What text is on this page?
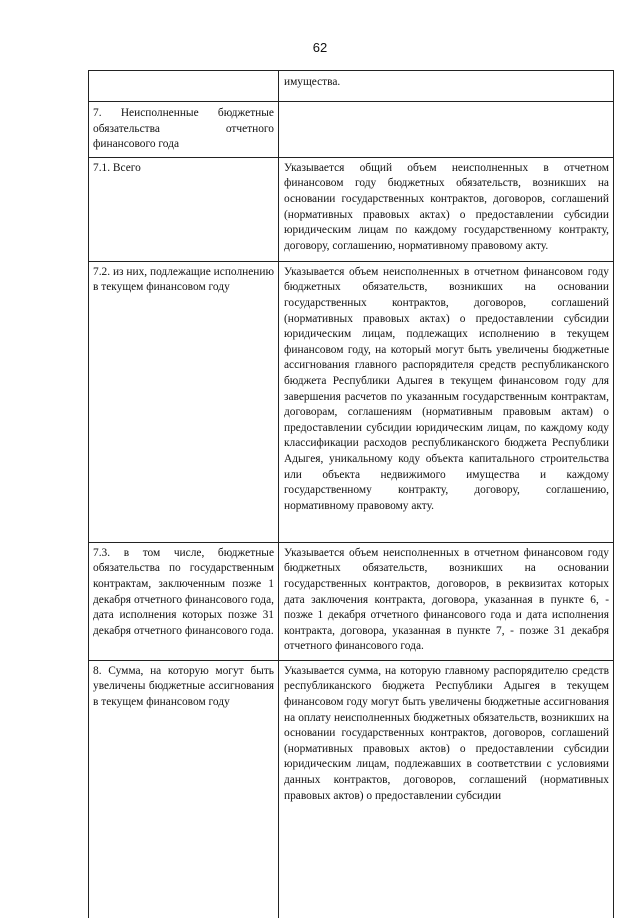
62
	имущества.
7. Неисполненные бюджетные обязательства отчетного финансового года	
7.1. Всего	Указывается общий объем неисполненных в отчетном финансовом году бюджетных обязательств, возникших на основании государственных контрактов, договоров, соглашений (нормативных правовых актах) о предоставлении субсидии юридическим лицам по каждому государственному контракту, договору, соглашению, нормативному правовому акту.
7.2. из них, подлежащие исполнению в текущем финансовом году	Указывается объем неисполненных в отчетном финансовом году бюджетных обязательств, возникших на основании государственных контрактов, договоров, соглашений (нормативных правовых актах) о предоставлении субсидии юридическим лицам, подлежащих исполнению в текущем финансовом году, на который могут быть увеличены бюджетные ассигнования главного распорядителя средств республиканского бюджета Республики Адыгея в текущем финансовом году для завершения расчетов по указанным государственным контрактам, договорам, соглашениям (нормативным правовым актам) о предоставлении субсидии юридическим лицам, по каждому коду классификации расходов республиканского бюджета Республики Адыгея, уникальному коду объекта капитального строительства или объекта недвижимого имущества и каждому государственному контракту, договору, соглашению, нормативному правовому акту.
7.3. в том числе, бюджетные обязательства по государственным контрактам, заключенным позже 1 декабря отчетного финансового года, дата исполнения которых позже 31 декабря отчетного финансового года.	Указывается объем неисполненных в отчетном финансовом году бюджетных обязательств, возникших на основании государственных контрактов, договоров, в реквизитах которых дата заключения контракта, договора, указанная в пункте 6, - позже 1 декабря отчетного финансового года и дата исполнения контракта, договора, указанная в пункте 7, - позже 31 декабря отчетного финансового года.
8. Сумма, на которую могут быть увеличены бюджетные ассигнования в текущем финансовом году	Указывается сумма, на которую главному распорядителю средств республиканского бюджета Республики Адыгея в текущем финансовом году могут быть увеличены бюджетные ассигнования на оплату неисполненных бюджетных обязательств, возникших на основании государственных контрактов, договоров, соглашений (нормативных правовых актов) о предоставлении субсидии юридическим лицам, подлежавших в соответствии с условиями данных контрактов, договоров, соглашений (нормативных правовых актов) о предоставлении субсидии
